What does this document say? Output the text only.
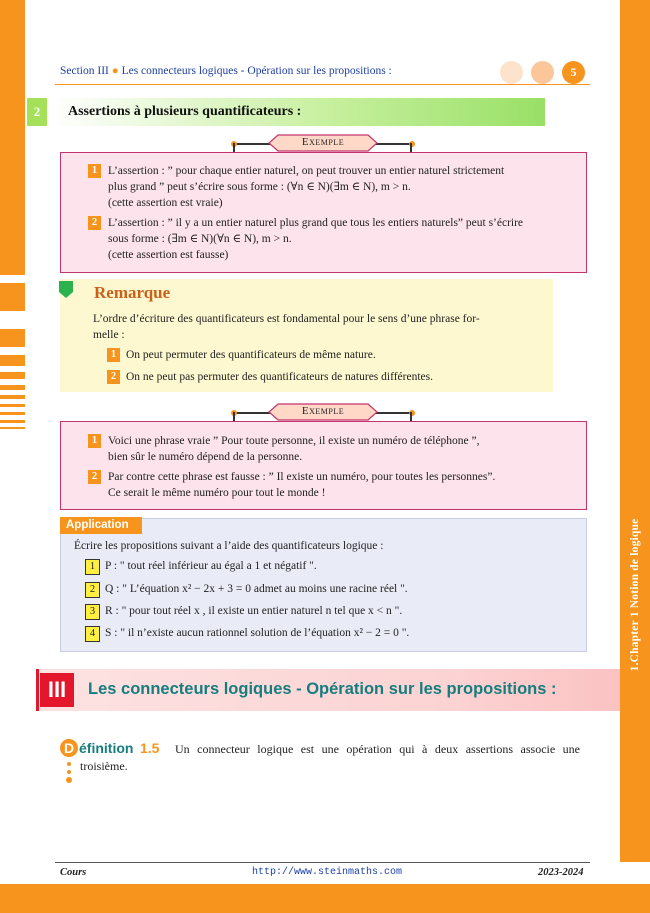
1.Chapter 1 Notion de logique
Section III ● Les connecteurs logiques - Opération sur les propositions :	5
2	Assertions à plusieurs quantificateurs :
Exemple
1 L’assertion : ” pour chaque entier naturel, on peut trouver un entier naturel strictement
plus grand ” peut s’écrire sous forme : (∀n ∈ N)(∃m ∈ N), m > n.
(cette assertion est vraie)
2 L’assertion : ” il y a un entier naturel plus grand que tous les entiers naturels” peut s’écrire
sous forme : (∃m ∈ N)(∀n ∈ N), m > n.
(cette assertion est fausse)
Remarque
L’ordre d’écriture des quantificateurs est fondamental pour le sens d’une phrase for-
melle :
1 On peut permuter des quantificateurs de même nature.
2 On ne peut pas permuter des quantificateurs de natures différentes.
Exemple
1 Voici une phrase vraie ” Pour toute personne, il existe un numéro de téléphone ”,
bien sûr le numéro dépend de la personne.
2 Par contre cette phrase est fausse : ” Il existe un numéro, pour toutes les personnes”.
Ce serait le même numéro pour tout le monde !
Application
Écrire les propositions suivant a l’aide des quantificateurs logique :
1 P : " tout réel inférieur au égal a 1 et négatif ".
2 Q : " L’équation x² − 2x + 3 = 0 admet au moins une racine réel ".
3 R : " pour tout réel x , il existe un entier naturel n tel que x < n ".
4 S : " il n’existe aucun rationnel solution de l’équation x² − 2 = 0 ".
III	Les connecteurs logiques - Opération sur les propositions :
D éfinition 1.5	Un connecteur logique est une opération qui à deux assertions associe une troisième.
Cours	http://www.steinmaths.com	2023-2024
